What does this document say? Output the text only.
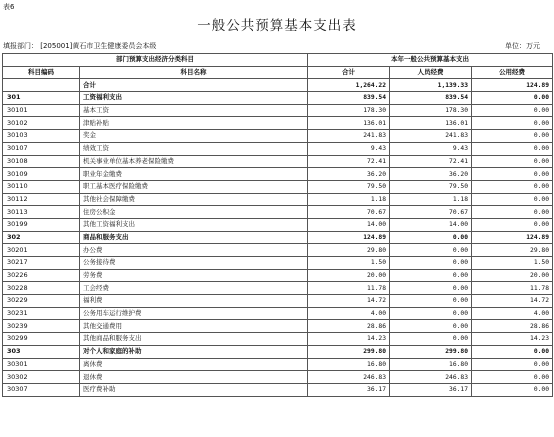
表6
一般公共预算基本支出表
填报部门： [205001]黄石市卫生健康委员会本级	单位：万元
部门预算支出经济分类科目		本年一般公共预算基本支出		
科目编码	科目名称	合计	人员经费	公用经费
	合计	1,264.22	1,139.33	124.89
301	工资福利支出	839.54	839.54	0.00
30101	基本工资	178.30	178.30	0.00
30102	津贴补贴	136.01	136.01	0.00
30103	奖金	241.83	241.83	0.00
30107	绩效工资	9.43	9.43	0.00
30108	机关事业单位基本养老保险缴费	72.41	72.41	0.00
30109	职业年金缴费	36.20	36.20	0.00
30110	职工基本医疗保险缴费	79.50	79.50	0.00
30112	其他社会保障缴费	1.18	1.18	0.00
30113	住房公积金	70.67	70.67	0.00
30199	其他工资福利支出	14.00	14.00	0.00
302	商品和服务支出	124.89	0.00	124.89
30201	办公费	29.80	0.00	29.80
30217	公务接待费	1.50	0.00	1.50
30226	劳务费	20.00	0.00	20.00
30228	工会经费	11.78	0.00	11.78
30229	福利费	14.72	0.00	14.72
30231	公务用车运行维护费	4.00	0.00	4.00
30239	其他交通费用	28.86	0.00	28.86
30299	其他商品和服务支出	14.23	0.00	14.23
303	对个人和家庭的补助	299.80	299.80	0.00
30301	离休费	16.80	16.80	0.00
30302	退休费	246.83	246.83	0.00
30307	医疗费补助	36.17	36.17	0.00
